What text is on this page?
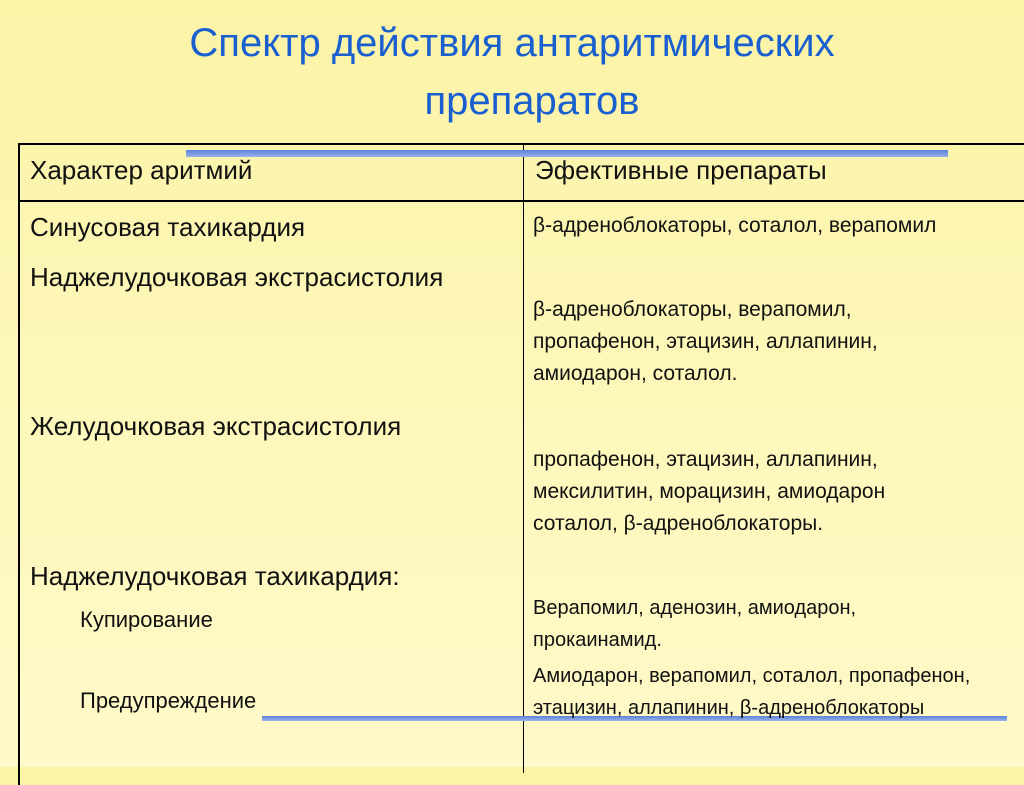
Спектр действия антаритмических
препаратов
Характер аритмий	Эфективные препараты
Синусовая тахикардия
Наджелудочковая экстрасистолия
Желудочковая экстрасистолия
Наджелудочковая тахикардия:
Купирование
Предупреждение
β-адреноблокаторы, соталол, верапомил
β-адреноблокаторы, верапомил,
пропафенон, этацизин, аллапинин,
амиодарон, соталол.
пропафенон, этацизин, аллапинин,
мексилитин, морацизин, амиодарон
соталол, β-адреноблокаторы.
Верапомил, аденозин, амиодарон,
прокаинамид.
Амиодарон, верапомил, соталол, пропафенон,
этацизин, аллапинин, β-адреноблокаторы
